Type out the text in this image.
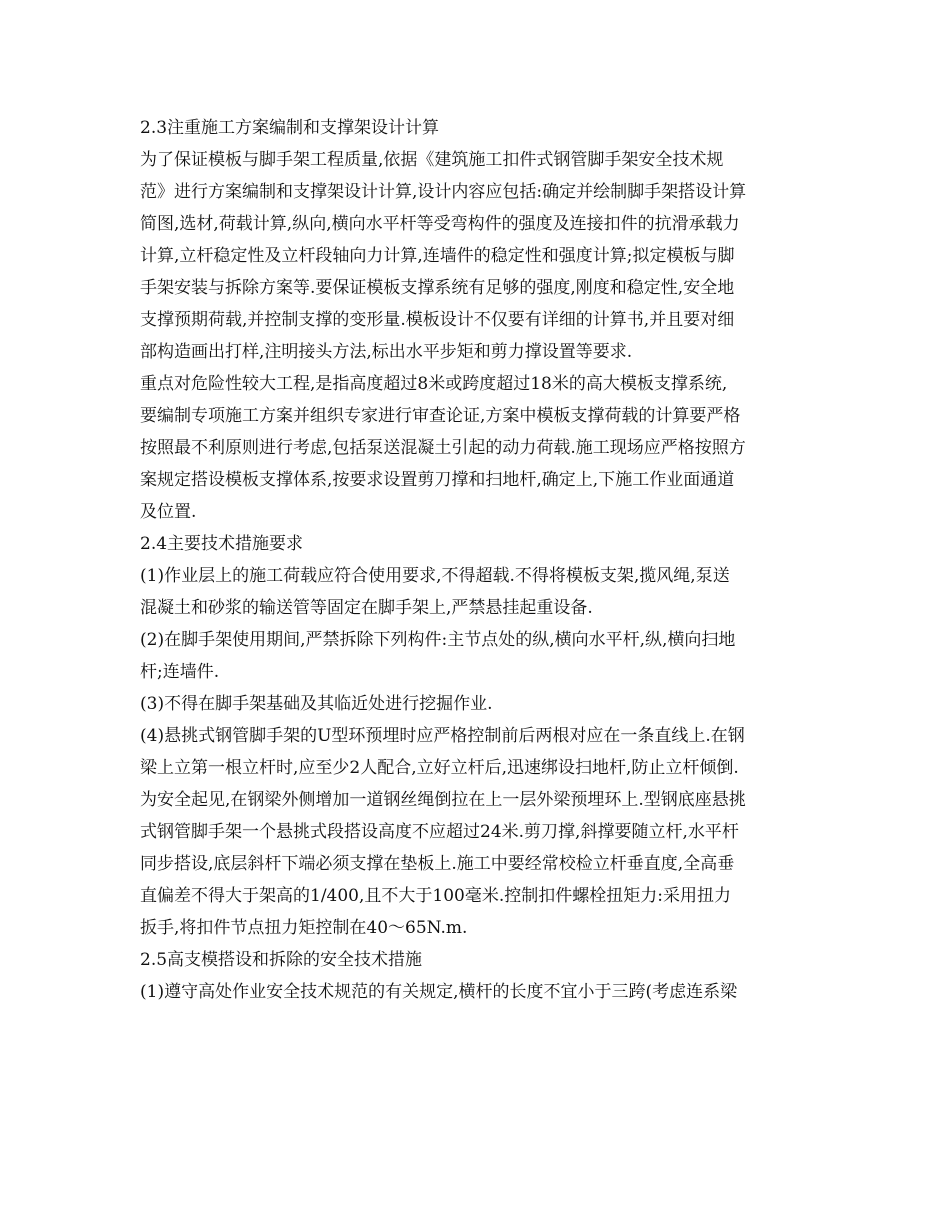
2.3注重施工方案编制和支撑架设计计算
为了保证模板与脚手架工程质量,依据《建筑施工扣件式钢管脚手架安全技术规
范》进行方案编制和支撑架设计计算,设计内容应包括:确定并绘制脚手架搭设计算
简图,选材,荷载计算,纵向,横向水平杆等受弯构件的强度及连接扣件的抗滑承载力
计算,立杆稳定性及立杆段轴向力计算,连墙件的稳定性和强度计算;拟定模板与脚
手架安装与拆除方案等.要保证模板支撑系统有足够的强度,刚度和稳定性,安全地
支撑预期荷载,并控制支撑的变形量.模板设计不仅要有详细的计算书,并且要对细
部构造画出打样,注明接头方法,标出水平步矩和剪力撑设置等要求.
重点对危险性较大工程,是指高度超过8米或跨度超过18米的高大模板支撑系统,
要编制专项施工方案并组织专家进行审查论证,方案中模板支撑荷载的计算要严格
按照最不利原则进行考虑,包括泵送混凝土引起的动力荷载.施工现场应严格按照方
案规定搭设模板支撑体系,按要求设置剪刀撑和扫地杆,确定上,下施工作业面通道
及位置.
2.4主要技术措施要求
(1)作业层上的施工荷载应符合使用要求,不得超载.不得将模板支架,揽风绳,泵送
混凝土和砂浆的输送管等固定在脚手架上,严禁悬挂起重设备.
(2)在脚手架使用期间,严禁拆除下列构件:主节点处的纵,横向水平杆,纵,横向扫地
杆;连墙件.
(3)不得在脚手架基础及其临近处进行挖掘作业.
(4)悬挑式钢管脚手架的U型环预埋时应严格控制前后两根对应在一条直线上.在钢
梁上立第一根立杆时,应至少2人配合,立好立杆后,迅速绑设扫地杆,防止立杆倾倒.
为安全起见,在钢梁外侧增加一道钢丝绳倒拉在上一层外梁预埋环上.型钢底座悬挑
式钢管脚手架一个悬挑式段搭设高度不应超过24米.剪刀撑,斜撑要随立杆,水平杆
同步搭设,底层斜杆下端必须支撑在垫板上.施工中要经常校检立杆垂直度,全高垂
直偏差不得大于架高的1/400,且不大于100毫米.控制扣件螺栓扭矩力:采用扭力
扳手,将扣件节点扭力矩控制在40～65N.m.
2.5高支模搭设和拆除的安全技术措施
(1)遵守高处作业安全技术规范的有关规定,横杆的长度不宜小于三跨(考虑连系梁
